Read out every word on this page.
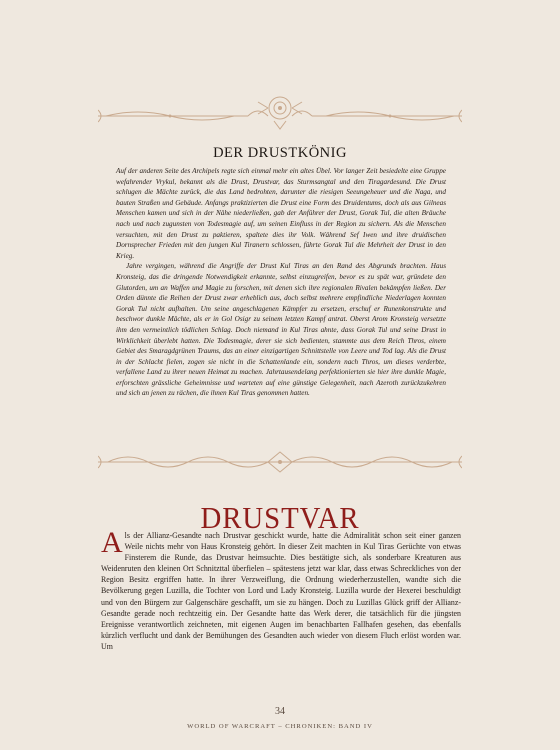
DER DRUSTKÖNIG

Auf der anderen Seite des Archipels regte sich einmal mehr ein altes Übel. Vor langer Zeit besiedelte eine Gruppe wefahrender Vrykul, bekannt als die Drust, Drustvar, das Sturmsangtal und den Tiragardesund. Die Drust schlugen die Mächte zurück, die das Land bedrohten, darunter die riesigen Seeungeheuer und die Naga, und bauten Straßen und Gebäude. Anfangs praktizierten die Drust eine Form des Druidentums, doch als aus Gilneas Menschen kamen und sich in der Nähe niederließen, gab der Anführer der Drust, Gorak Tul, die alten Bräuche nach und nach zugunsten von Todesmagie auf, um seinen Einfluss in der Region zu sichern. Als die Menschen versuchten, mit den Drust zu paktieren, spaltete dies ihr Volk. Während Sef Iwen und ihre druidischen Dornsprecher Frieden mit den jungen Kul Tiranern schlossen, führte Gorak Tul die Mehrheit der Drust in den Krieg.

Jahre vergingen, während die Angriffe der Drust Kul Tiras an den Rand des Abgrunds brachten. Haus Kronsteig, das die dringende Notwendigkeit erkannte, selbst einzugreifen, bevor es zu spät war, gründete den Glutorden, um an Waffen und Magie zu forschen, mit denen sich ihre regionalen Rivalen bekämpfen ließen. Der Orden dünnte die Reihen der Drust zwar erheblich aus, doch selbst mehrere empfindliche Niederlagen konnten Gorak Tul nicht aufhalten. Um seine angeschlagenen Kämpfer zu ersetzen, erschuf er Runenkonstrukte und beschwor dunkle Mächte, als er in Gol Osigr zu seinem letzten Kampf antrat. Oberst Arom Kronsteig versetzte ihm den vermeintlich tödlichen Schlag. Doch niemand in Kul Tiras ahnte, dass Gorak Tul und seine Drust in Wirklichkeit überlebt hatten. Die Todesmagie, derer sie sich bedienten, stammte aus dem Reich Thros, einem Gebiet des Smaragdgrünen Traums, das an einer einzigartigen Schnittstelle von Leere und Tod lag. Als die Drust in der Schlacht fielen, zogen sie nicht in die Schattenlande ein, sondern nach Thros, um dieses verderbte, verfallene Land zu ihrer neuen Heimat zu machen. Jahrtausendelang perfektionierten sie hier ihre dunkle Magie, erforschten grässliche Geheimnisse und warteten auf eine günstige Gelegenheit, nach Azeroth zurückzukehren und sich an jenen zu rächen, die ihnen Kul Tiras genommen hatten.

DRUSTVAR

Als der Allianz-Gesandte nach Drustvar geschickt wurde, hatte die Admiralität schon seit einer ganzen Weile nichts mehr von Haus Kronsteig gehört. In dieser Zeit machten in Kul Tiras Gerüchte von etwas Finsterem die Runde, das Drustvar heimsuchte. Dies bestätigte sich, als sonderbare Kreaturen aus Weidenruten den kleinen Ort Schnitzttal überfielen – spätestens jetzt war klar, dass etwas Schreckliches von der Region Besitz ergriffen hatte. In ihrer Verzweiflung, die Ordnung wiederherzustellen, wandte sich die Bevölkerung gegen Luzilla, die Tochter von Lord und Lady Kronsteig. Luzilla wurde der Hexerei beschuldigt und von den Bürgern zur Galgenschäre geschafft, um sie zu hängen. Doch zu Luzillas Glück griff der Allianz-Gesandte gerade noch rechtzeitig ein. Der Gesandte hatte das Werk derer, die tatsächlich für die jüngsten Ereignisse verantwortlich zeichneten, mit eigenen Augen im benachbarten Fallhafen gesehen, das ebenfalls kürzlich verflucht und dank der Bemühungen des Gesandten auch wieder von diesem Fluch erlöst worden war. Um

34
WORLD OF WARCRAFT – CHRONIKEN: BAND IV
